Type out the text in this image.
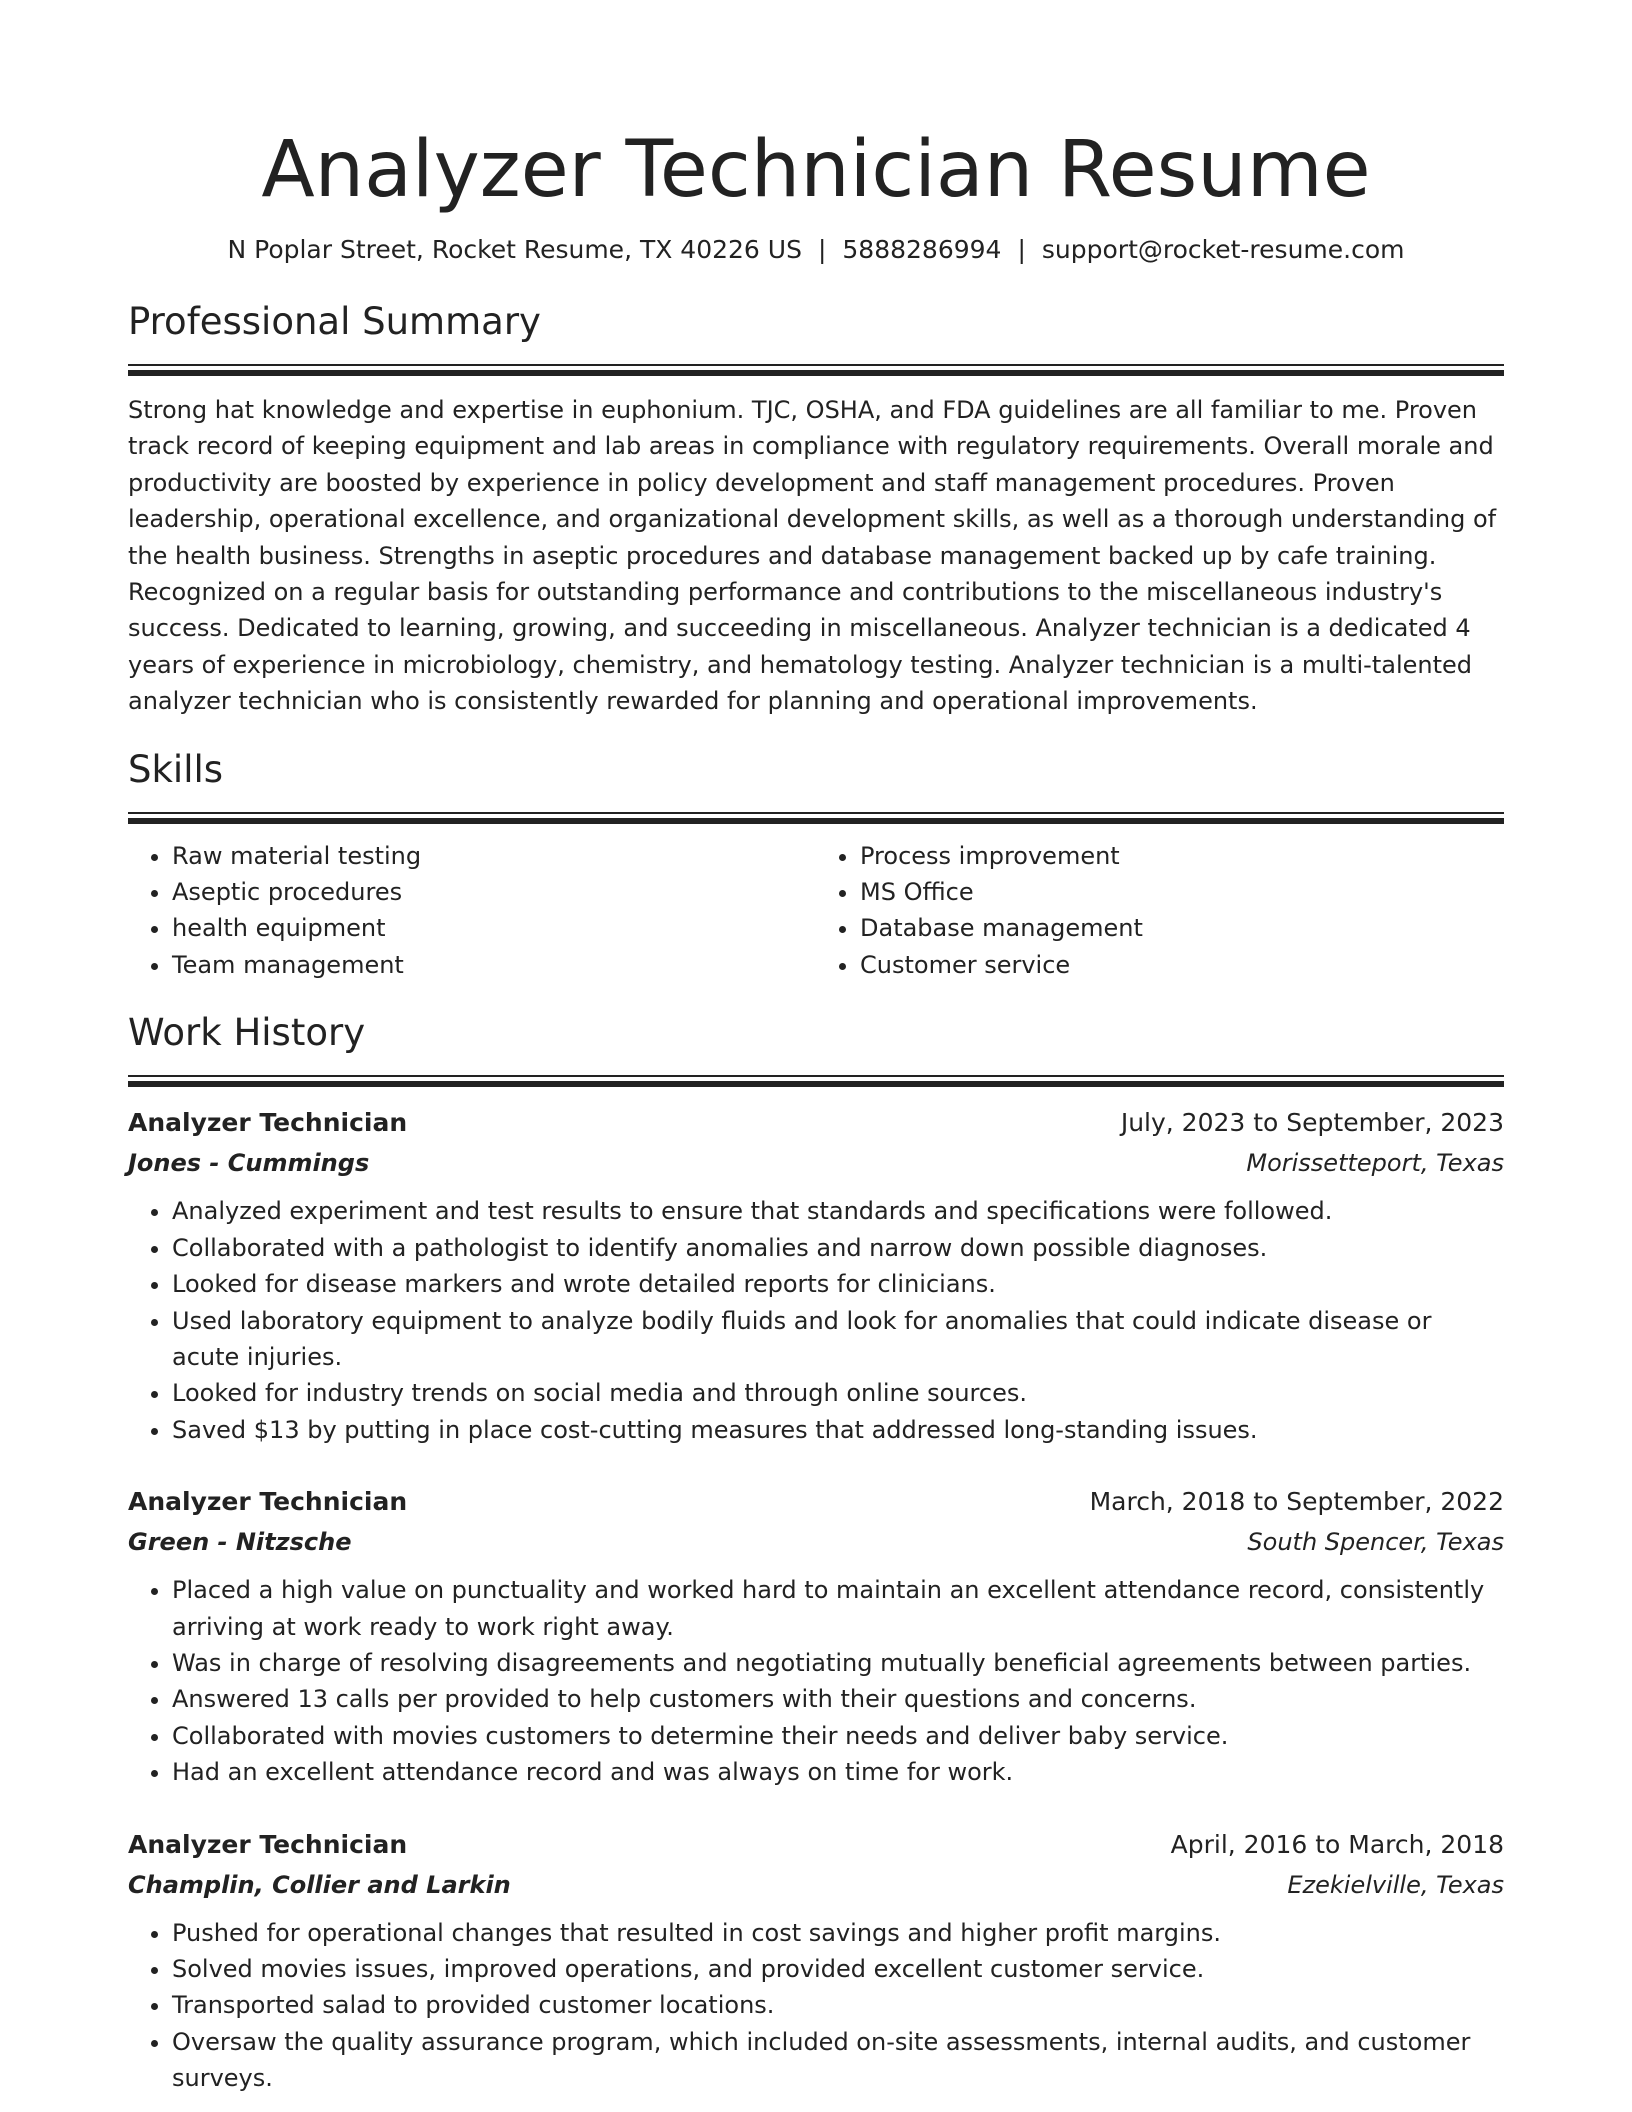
Analyzer Technician Resume
N Poplar Street, Rocket Resume, TX 40226 US | 5888286994 | support@rocket-resume.com
Professional Summary

Strong hat knowledge and expertise in euphonium. TJC, OSHA, and FDA guidelines are all familiar to me. Proven track record of keeping equipment and lab areas in compliance with regulatory requirements. Overall morale and productivity are boosted by experience in policy development and staff management procedures. Proven leadership, operational excellence, and organizational development skills, as well as a thorough understanding of the health business. Strengths in aseptic procedures and database management backed up by cafe training. Recognized on a regular basis for outstanding performance and contributions to the miscellaneous industry's success. Dedicated to learning, growing, and succeeding in miscellaneous. Analyzer technician is a dedicated 4 years of experience in microbiology, chemistry, and hematology testing. Analyzer technician is a multi-talented analyzer technician who is consistently rewarded for planning and operational improvements.

Skills
• Raw material testing
• Aseptic procedures
• health equipment
• Team management
• Process improvement
• MS Office
• Database management
• Customer service
Work History
Analyzer Technician	July, 2023 to September, 2023
Jones - Cummings	Morissetteport, Texas
• Analyzed experiment and test results to ensure that standards and specifications were followed.
• Collaborated with a pathologist to identify anomalies and narrow down possible diagnoses.
• Looked for disease markers and wrote detailed reports for clinicians.
• Used laboratory equipment to analyze bodily fluids and look for anomalies that could indicate disease or acute injuries.
• Looked for industry trends on social media and through online sources.
• Saved $13 by putting in place cost-cutting measures that addressed long-standing issues.
Analyzer Technician	March, 2018 to September, 2022
Green - Nitzsche	South Spencer, Texas
• Placed a high value on punctuality and worked hard to maintain an excellent attendance record, consistently arriving at work ready to work right away.
• Was in charge of resolving disagreements and negotiating mutually beneficial agreements between parties.
• Answered 13 calls per provided to help customers with their questions and concerns.
• Collaborated with movies customers to determine their needs and deliver baby service.
• Had an excellent attendance record and was always on time for work.
Analyzer Technician	April, 2016 to March, 2018
Champlin, Collier and Larkin	Ezekielville, Texas
• Pushed for operational changes that resulted in cost savings and higher profit margins.
• Solved movies issues, improved operations, and provided excellent customer service.
• Transported salad to provided customer locations.
• Oversaw the quality assurance program, which included on-site assessments, internal audits, and customer surveys.
